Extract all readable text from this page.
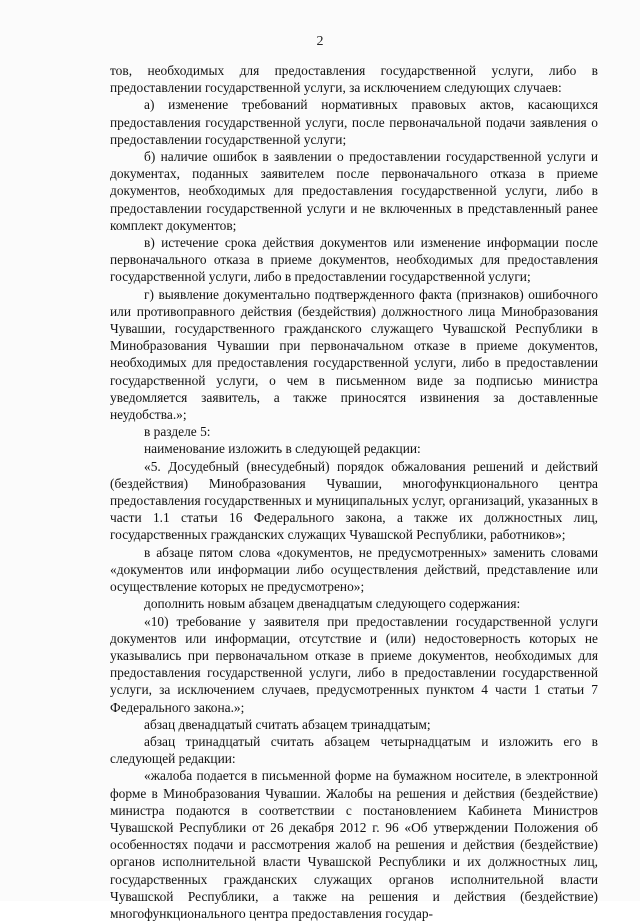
2

тов, необходимых для предоставления государственной услуги, либо в предоставлении государственной услуги, за исключением следующих случаев:

а) изменение требований нормативных правовых актов, касающихся предоставления государственной услуги, после первоначальной подачи заявления о предоставлении государственной услуги;

б) наличие ошибок в заявлении о предоставлении государственной услуги и документах, поданных заявителем после первоначального отказа в приеме документов, необходимых для предоставления государственной услуги, либо в предоставлении государственной услуги и не включенных в представленный ранее комплект документов;

в) истечение срока действия документов или изменение информации после первоначального отказа в приеме документов, необходимых для предоставления государственной услуги, либо в предоставлении государственной услуги;

г) выявление документально подтвержденного факта (признаков) ошибочного или противоправного действия (бездействия) должностного лица Минобразования Чувашии, государственного гражданского служащего Чувашской Республики в Минобразования Чувашии при первоначальном отказе в приеме документов, необходимых для предоставления государственной услуги, либо в предоставлении государственной услуги, о чем в письменном виде за подписью министра уведомляется заявитель, а также приносятся извинения за доставленные неудобства.»;

в разделе 5:

наименование изложить в следующей редакции:

«5. Досудебный (внесудебный) порядок обжалования решений и действий (бездействия) Минобразования Чувашии, многофункционального центра предоставления государственных и муниципальных услуг, организаций, указанных в части 1.1 статьи 16 Федерального закона, а также их должностных лиц, государственных гражданских служащих Чувашской Республики, работников»;

в абзаце пятом слова «документов, не предусмотренных» заменить словами «документов или информации либо осуществления действий, представление или осуществление которых не предусмотрено»;

дополнить новым абзацем двенадцатым следующего содержания:

«10) требование у заявителя при предоставлении государственной услуги документов или информации, отсутствие и (или) недостоверность которых не указывались при первоначальном отказе в приеме документов, необходимых для предоставления государственной услуги, либо в предоставлении государственной услуги, за исключением случаев, предусмотренных пунктом 4 части 1 статьи 7 Федерального закона.»;

абзац двенадцатый считать абзацем тринадцатым;

абзац тринадцатый считать абзацем четырнадцатым и изложить его в следующей редакции:

«жалоба подается в письменной форме на бумажном носителе, в электронной форме в Минобразования Чувашии. Жалобы на решения и действия (бездействие) министра подаются в соответствии с постановлением Кабинета Министров Чувашской Республики от 26 декабря 2012 г. 96 «Об утверждении Положения об особенностях подачи и рассмотрения жалоб на решения и действия (бездействие) органов исполнительной власти Чувашской Республики и их должностных лиц, государственных гражданских служащих органов исполнительной власти Чувашской Республики, а также на решения и действия (бездействие) многофункционального центра предоставления государ-
